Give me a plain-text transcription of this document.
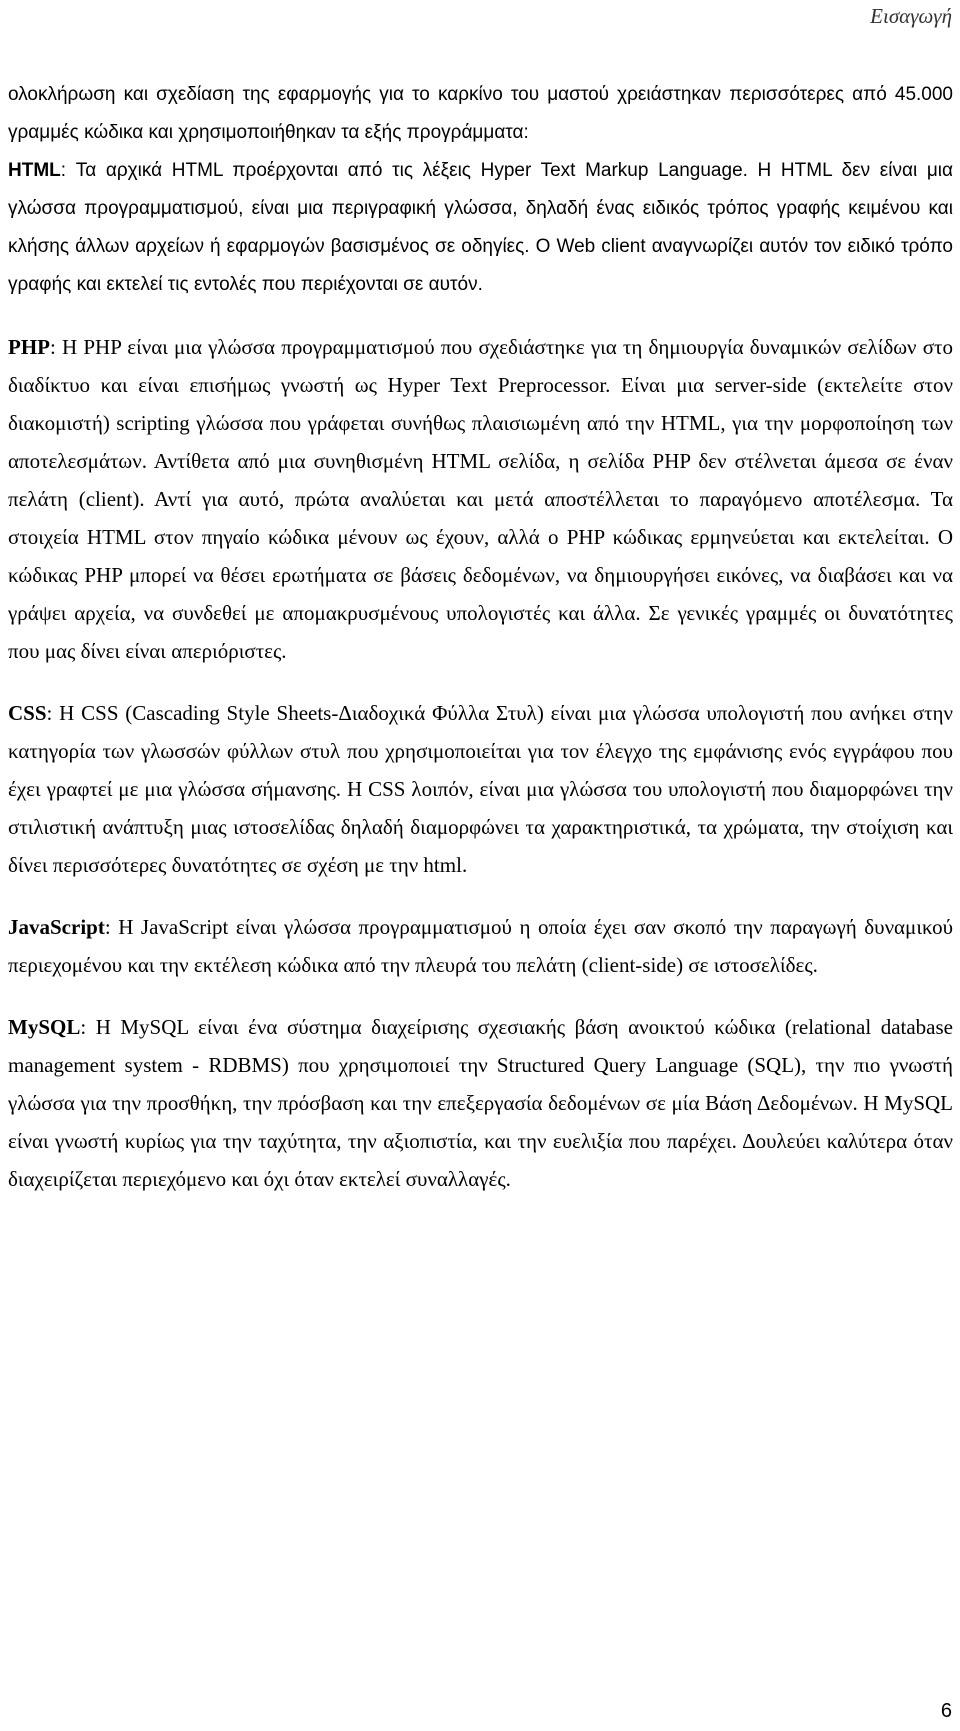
Εισαγωγή

ολοκλήρωση και σχεδίαση της εφαρμογής για το καρκίνο του μαστού χρειάστηκαν περισσότερες από 45.000 γραμμές κώδικα και χρησιμοποιήθηκαν τα εξής προγράμματα:

HTML: Τα αρχικά HTML προέρχονται από τις λέξεις Hyper Text Markup Language. Η HTML δεν είναι μια γλώσσα προγραμματισμού, είναι μια περιγραφική γλώσσα, δηλαδή ένας ειδικός τρόπος γραφής κειμένου και κλήσης άλλων αρχείων ή εφαρμογών βασισμένος σε οδηγίες. Ο Web client αναγνωρίζει αυτόν τον ειδικό τρόπο γραφής και εκτελεί τις εντολές που περιέχονται σε αυτόν.

PHP: Η PHP είναι μια γλώσσα προγραμματισμού που σχεδιάστηκε για τη δημιουργία δυναμικών σελίδων στο διαδίκτυο και είναι επισήμως γνωστή ως Hyper Text Preprocessor. Είναι μια server-side (εκτελείτε στον διακομιστή) scripting γλώσσα που γράφεται συνήθως πλαισιωμένη από την HTML, για την μορφοποίηση των αποτελεσμάτων. Αντίθετα από μια συνηθισμένη HTML σελίδα, η σελίδα PHP δεν στέλνεται άμεσα σε έναν πελάτη (client). Αντί για αυτό, πρώτα αναλύεται και μετά αποστέλλεται το παραγόμενο αποτέλεσμα. Τα στοιχεία HTML στον πηγαίο κώδικα μένουν ως έχουν, αλλά ο PHP κώδικας ερμηνεύεται και εκτελείται. Ο κώδικας PHP μπορεί να θέσει ερωτήματα σε βάσεις δεδομένων, να δημιουργήσει εικόνες, να διαβάσει και να γράψει αρχεία, να συνδεθεί με απομακρυσμένους υπολογιστές και άλλα. Σε γενικές γραμμές οι δυνατότητες που μας δίνει είναι απεριόριστες.

CSS: Η CSS (Cascading Style Sheets-Διαδοχικά Φύλλα Στυλ) είναι μια γλώσσα υπολογιστή που ανήκει στην κατηγορία των γλωσσών φύλλων στυλ που χρησιμοποιείται για τον έλεγχο της εμφάνισης ενός εγγράφου που έχει γραφτεί με μια γλώσσα σήμανσης. Η CSS λοιπόν, είναι μια γλώσσα του υπολογιστή που διαμορφώνει την στιλιστική ανάπτυξη μιας ιστοσελίδας δηλαδή διαμορφώνει τα χαρακτηριστικά, τα χρώματα, την στοίχιση και δίνει περισσότερες δυνατότητες σε σχέση με την html.

JavaScript: Η JavaScript είναι γλώσσα προγραμματισμού η οποία έχει σαν σκοπό την παραγωγή δυναμικού περιεχομένου και την εκτέλεση κώδικα από την πλευρά του πελάτη (client-side) σε ιστοσελίδες.

MySQL: Η MySQL είναι ένα σύστημα διαχείρισης σχεσιακής βάση ανοικτού κώδικα (relational database management system - RDBMS) που χρησιμοποιεί την Structured Query Language (SQL), την πιο γνωστή γλώσσα για την προσθήκη, την πρόσβαση και την επεξεργασία δεδομένων σε μία Βάση Δεδομένων. Η MySQL είναι γνωστή κυρίως για την ταχύτητα, την αξιοπιστία, και την ευελιξία που παρέχει. Δουλεύει καλύτερα όταν διαχειρίζεται περιεχόμενο και όχι όταν εκτελεί συναλλαγές.

6
